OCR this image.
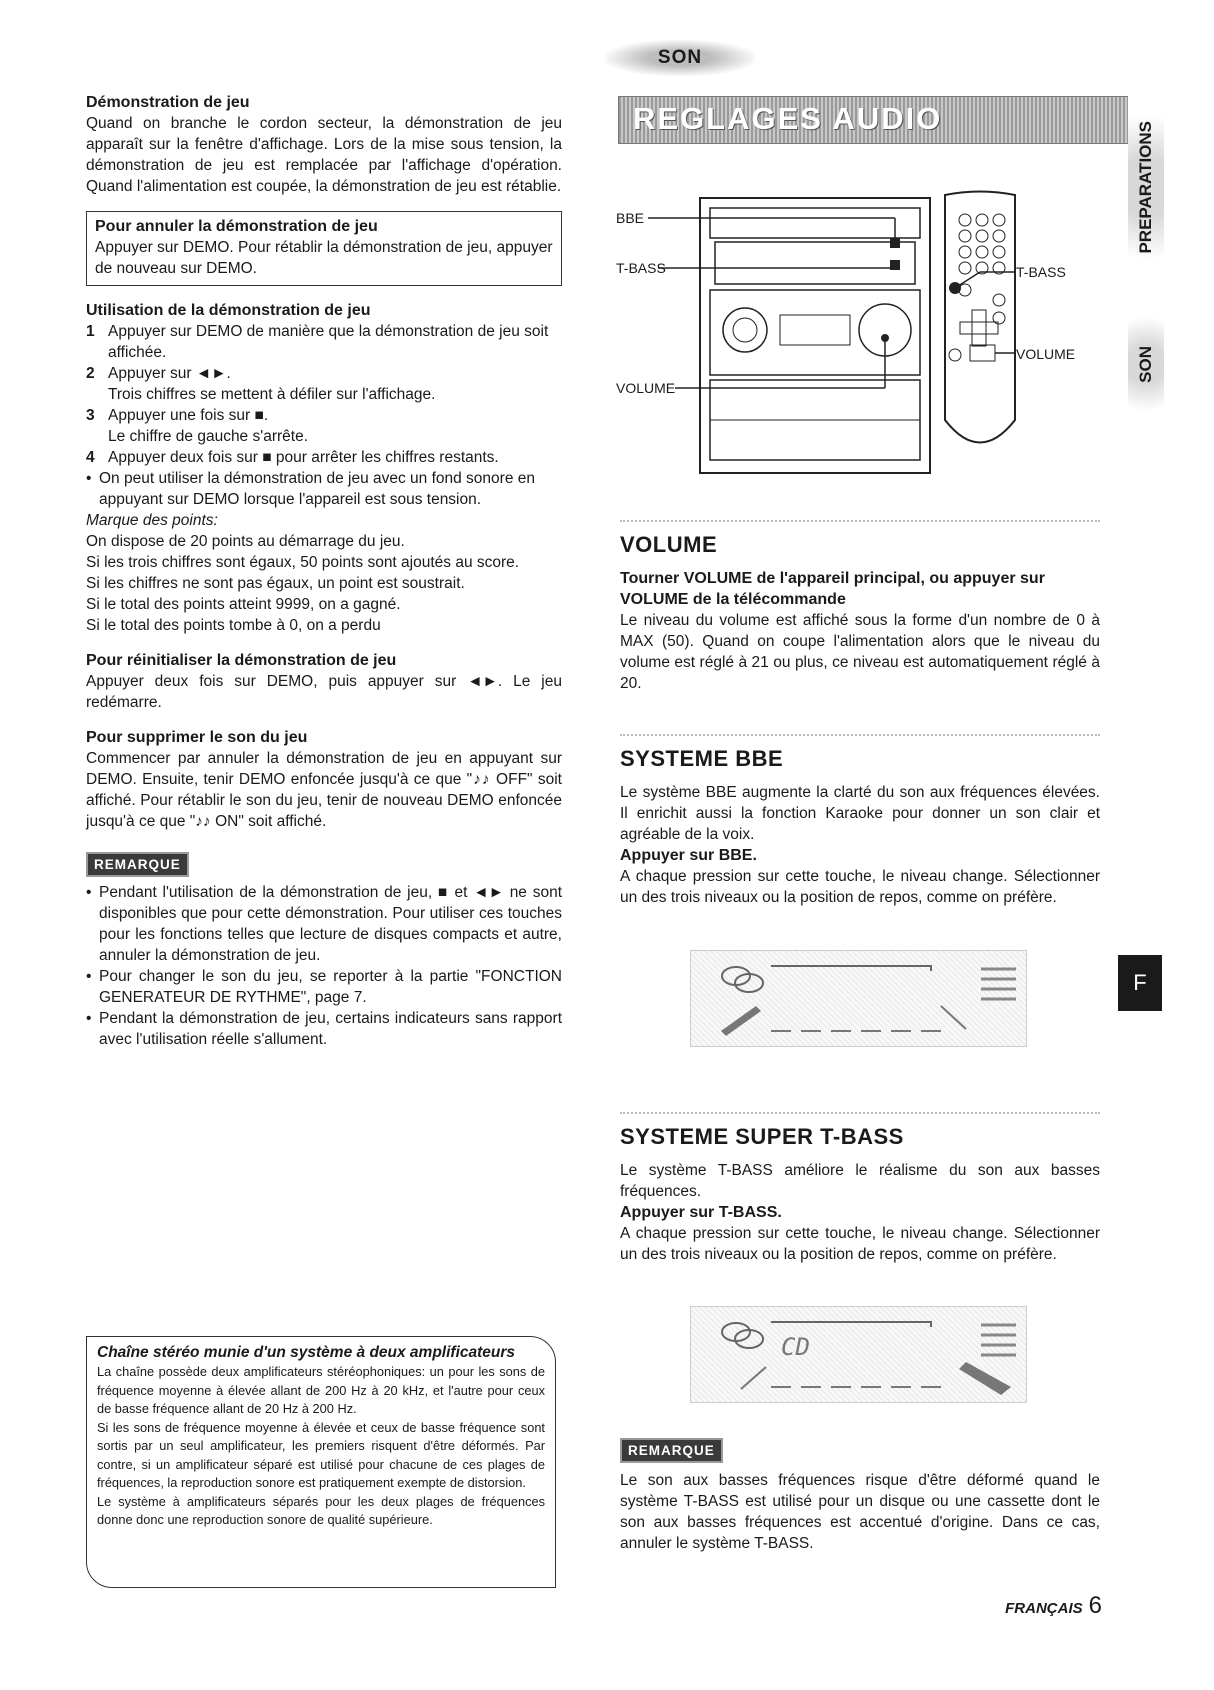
SON
REGLAGES AUDIO
Démonstration de jeu

Quand on branche le cordon secteur, la démonstration de jeu apparaît sur la fenêtre d'affichage. Lors de la mise sous tension, la démonstration de jeu est remplacée par l'affichage d'opération. Quand l'alimentation est coupée, la démonstration de jeu est rétablie.

Pour annuler la démonstration de jeu

Appuyer sur DEMO. Pour rétablir la démonstration de jeu, appuyer de nouveau sur DEMO.

Utilisation de la démonstration de jeu
1 Appuyer sur DEMO de manière que la démonstration de jeu soit affichée.
2 Appuyer sur ◄►.
Trois chiffres se mettent à défiler sur l'affichage.
3 Appuyer une fois sur ■.
Le chiffre de gauche s'arrête.
4 Appuyer deux fois sur ■ pour arrêter les chiffres restants.
• On peut utiliser la démonstration de jeu avec un fond sonore en appuyant sur DEMO lorsque l'appareil est sous tension.

Marque des points:

On dispose de 20 points au démarrage du jeu.

Si les trois chiffres sont égaux, 50 points sont ajoutés au score.

Si les chiffres ne sont pas égaux, un point est soustrait.

Si le total des points atteint 9999, on a gagné.

Si le total des points tombe à 0, on a perdu

Pour réinitialiser la démonstration de jeu

Appuyer deux fois sur DEMO, puis appuyer sur ◄►. Le jeu redémarre.

Pour supprimer le son du jeu

Commencer par annuler la démonstration de jeu en appuyant sur DEMO. Ensuite, tenir DEMO enfoncée jusqu'à ce que "♪♪ OFF" soit affiché. Pour rétablir le son du jeu, tenir de nouveau DEMO enfoncée jusqu'à ce que "♪♪ ON" soit affiché.

REMARQUE
• Pendant l'utilisation de la démonstration de jeu, ■ et ◄► ne sont disponibles que pour cette démonstration. Pour utiliser ces touches pour les fonctions telles que lecture de disques compacts et autre, annuler la démonstration de jeu.
• Pour changer le son du jeu, se reporter à la partie "FONCTION GENERATEUR DE RYTHME", page 7.
• Pendant la démonstration de jeu, certains indicateurs sans rapport avec l'utilisation réelle s'allument.
Chaîne stéréo munie d'un système à deux amplificateurs

La chaîne possède deux amplificateurs stéréophoniques: un pour les sons de fréquence moyenne à élevée allant de 200 Hz à 20 kHz, et l'autre pour ceux de basse fréquence allant de 20 Hz à 200 Hz.

Si les sons de fréquence moyenne à élevée et ceux de basse fréquence sont sortis par un seul amplificateur, les premiers risquent d'être déformés. Par contre, si un amplificateur séparé est utilisé pour chacune de ces plages de fréquences, la reproduction sonore est pratiquement exempte de distorsion.

Le système à amplificateurs séparés pour les deux plages de fréquences donne donc une reproduction sonore de qualité supérieure.

BBE
T-BASS
VOLUME
T-BASS
VOLUME
VOLUME
Tourner VOLUME de l'appareil principal, ou appuyer sur VOLUME de la télécommande

Le niveau du volume est affiché sous la forme d'un nombre de 0 à MAX (50). Quand on coupe l'alimentation alors que le niveau du volume est réglé à 21 ou plus, ce niveau est automatiquement réglé à 20.

SYSTEME BBE

Le système BBE augmente la clarté du son aux fréquences élevées. Il enrichit aussi la fonction Karaoke pour donner un son clair et agréable de la voix.

Appuyer sur BBE.

A chaque pression sur cette touche, le niveau change. Sélectionner un des trois niveaux ou la position de repos, comme on préfère.

SYSTEME SUPER T-BASS

Le système T-BASS améliore le réalisme du son aux basses fréquences.

Appuyer sur T-BASS.

A chaque pression sur cette touche, le niveau change. Sélectionner un des trois niveaux ou la position de repos, comme on préfère.

CD
REMARQUE

Le son aux basses fréquences risque d'être déformé quand le système T-BASS est utilisé pour un disque ou une cassette dont le son aux basses fréquences est accentué d'origine. Dans ce cas, annuler le système T-BASS.

PREPARATIONS
SON
F
FRANÇAIS 6
